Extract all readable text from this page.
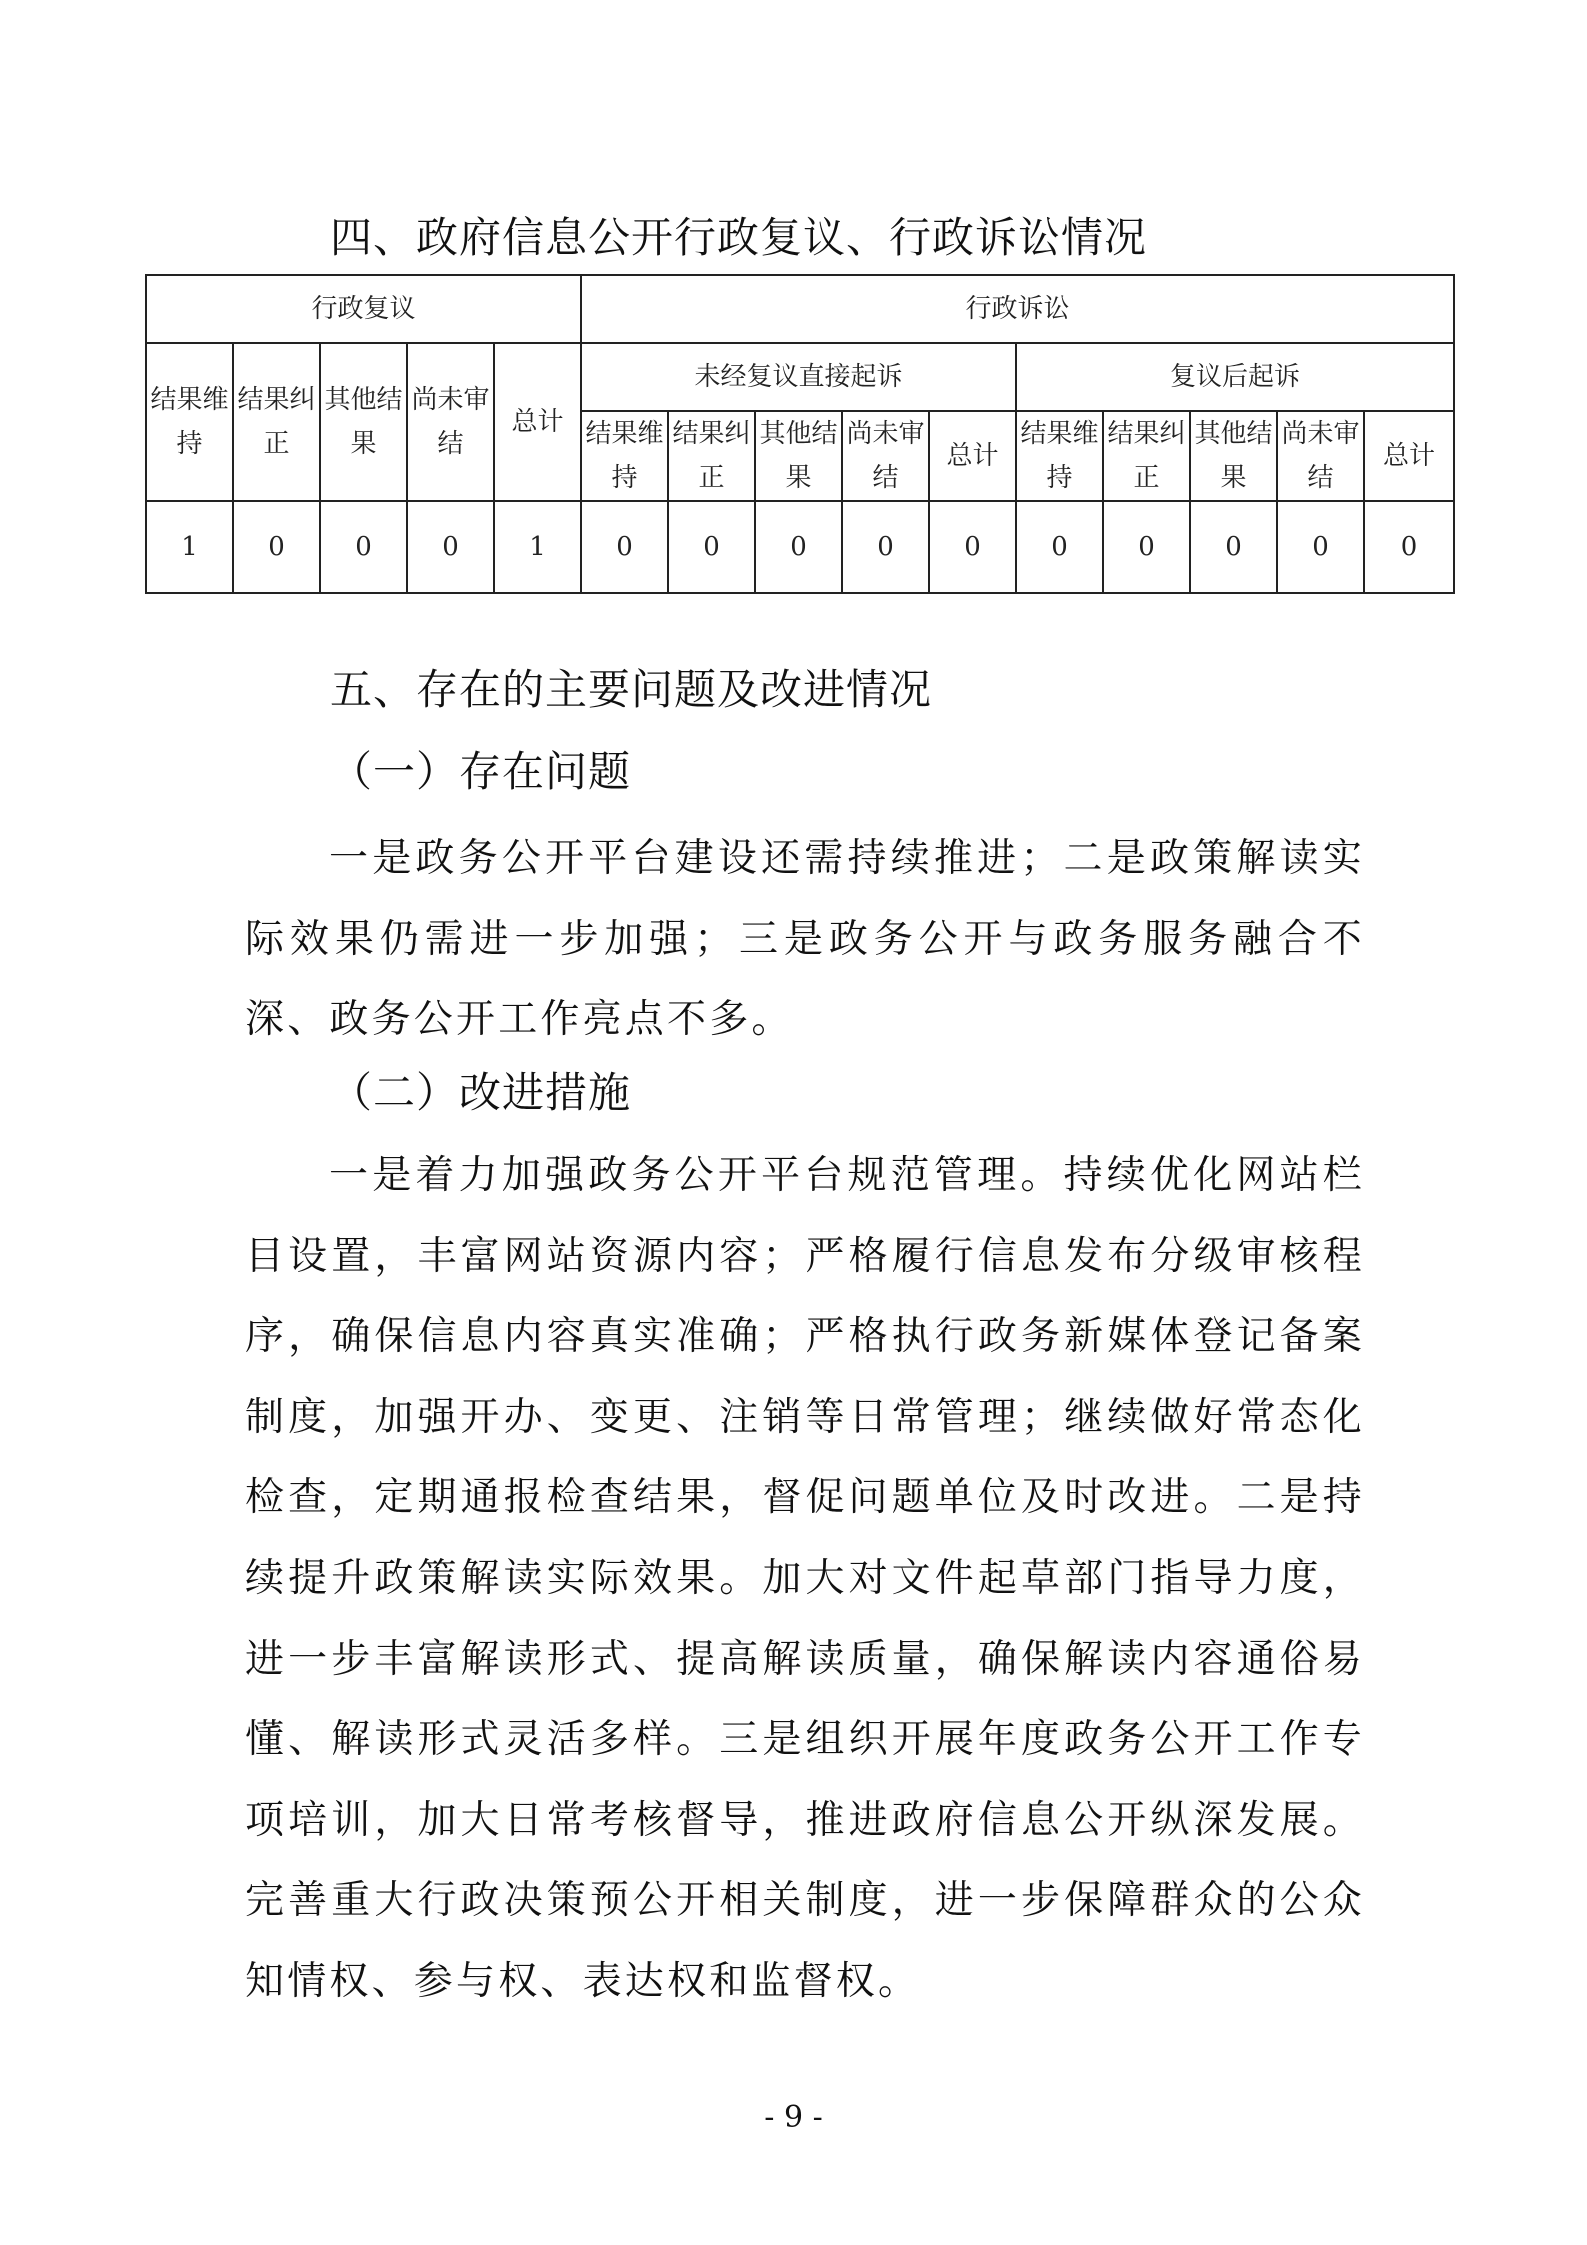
四、政府信息公开行政复议、行政诉讼情况
行政复议					行政诉讼									
结果维持	结果纠正	其他结果	尚未审结	总计	未经复议直接起诉					复议后起诉				
					结果维持	结果纠正	其他结果	尚未审结	总计	结果维持	结果纠正	其他结果	尚未审结	总计
1	0	0	0	1	0	0	0	0	0	0	0	0	0	0
五、存在的主要问题及改进情况
（一）存在问题
一是政务公开平台建设还需持续推进；二是政策解读实际效果仍需进一步加强；三是政务公开与政务服务融合不深、政务公开工作亮点不多。
（二）改进措施
一是着力加强政务公开平台规范管理。持续优化网站栏目设置，丰富网站资源内容；严格履行信息发布分级审核程序，确保信息内容真实准确；严格执行政务新媒体登记备案制度，加强开办、变更、注销等日常管理；继续做好常态化检查，定期通报检查结果，督促问题单位及时改进。二是持续提升政策解读实际效果。加大对文件起草部门指导力度，进一步丰富解读形式、提高解读质量，确保解读内容通俗易懂、解读形式灵活多样。三是组织开展年度政务公开工作专项培训，加大日常考核督导，推进政府信息公开纵深发展。完善重大行政决策预公开相关制度，进一步保障群众的公众知情权、参与权、表达权和监督权。
- 9 -
